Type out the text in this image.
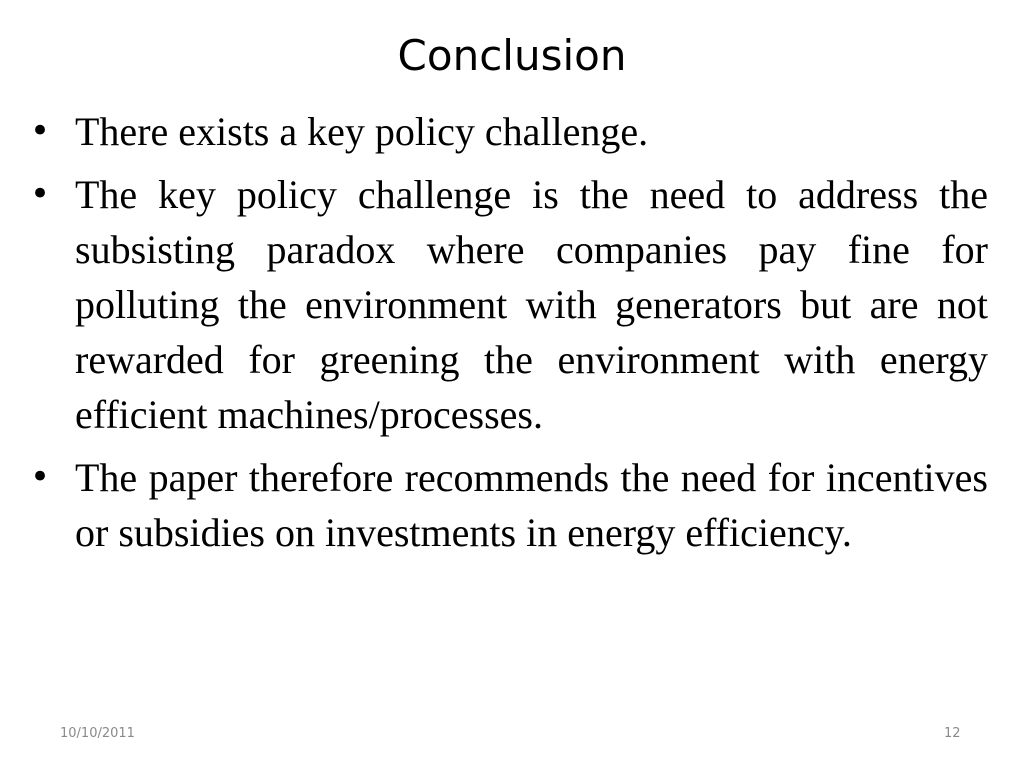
Conclusion
• There exists a key policy challenge.
• The key policy challenge is the need to address the subsisting paradox where companies pay fine for polluting the environment with generators but are not rewarded for greening the environment with energy efficient machines/processes.
• The paper therefore recommends the need for incentives or subsidies on investments in energy efficiency.
10/10/2011	12
